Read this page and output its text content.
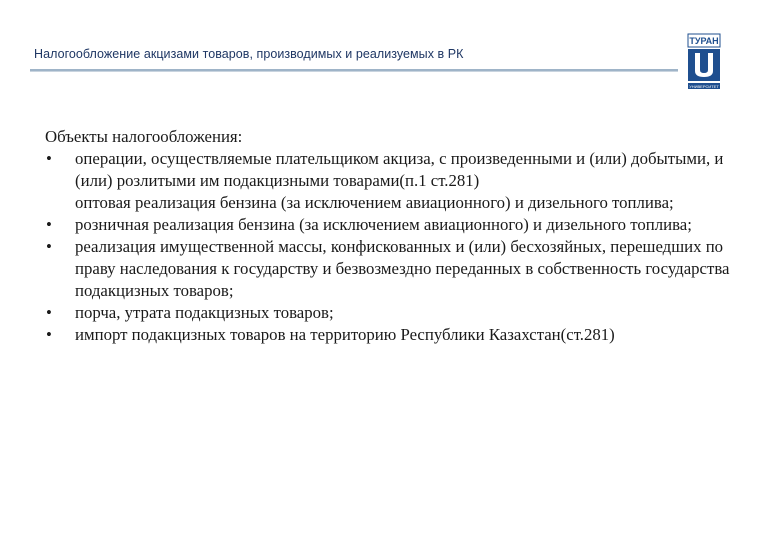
Налогообложение акцизами товаров, производимых и реализуемых в РК
ТУРАН
УНИВЕРСИТЕТ

Объекты налогообложения:

•	операции, осуществляемые плательщиком акциза, с произведенными и (или) добытыми, и (или) розлитыми им подакцизными товарами(п.1 ст.281)
оптовая реализация бензина (за исключением авиационного) и дизельного топлива;
•	розничная реализация бензина (за исключением авиационного) и дизельного топлива;
•	реализация имущественной массы, конфискованных и (или) бесхозяйных, перешедших по праву наследования к государству и безвозмездно переданных в собственность государства подакцизных товаров;
•	порча, утрата подакцизных товаров;
•	импорт подакцизных товаров на территорию Республики Казахстан(ст.281)
